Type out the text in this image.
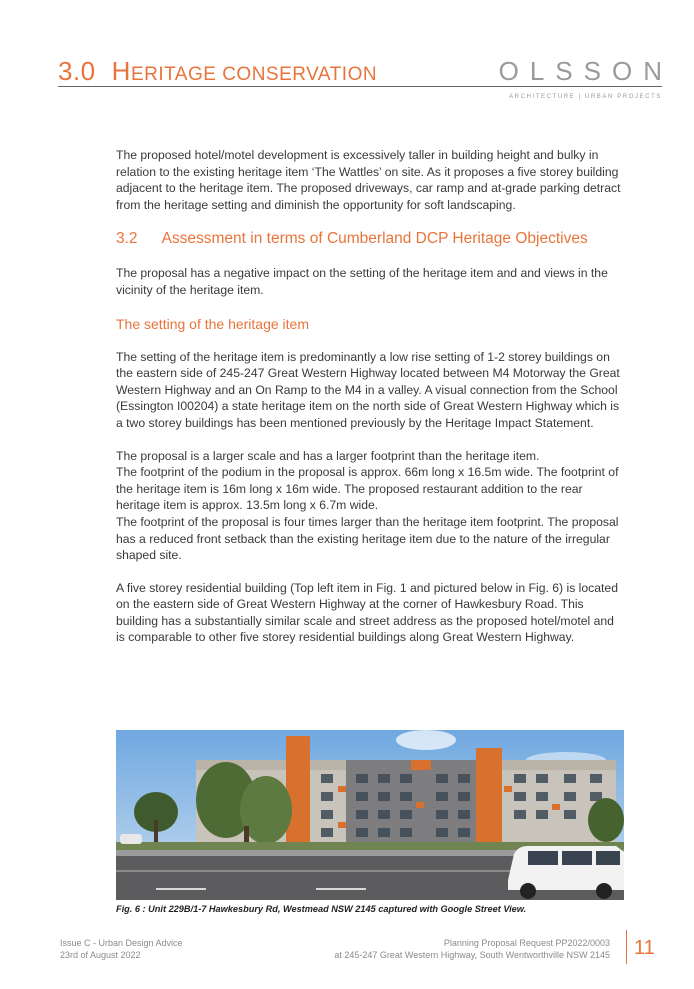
3.0 HERITAGE CONSERVATION	OLSSON
ARCHITECTURE | URBAN PROJECTS

The proposed hotel/motel development is excessively taller in building height and bulky in relation to the existing heritage item ‘The Wattles’ on site. As it proposes a five storey building adjacent to the heritage item. The proposed driveways, car ramp and at-grade parking detract from the heritage setting and diminish the opportunity for soft landscaping.

3.2 Assessment in terms of Cumberland DCP Heritage Objectives

The proposal has a negative impact on the setting of the heritage item and and views in the vicinity of the heritage item.

The setting of the heritage item

The setting of the heritage item is predominantly a low rise setting of 1-2 storey buildings on the eastern side of 245-247 Great Western Highway located between M4 Motorway the Great Western Highway and an On Ramp to the M4 in a valley. A visual connection from the School (Essington I00204) a state heritage item on the north side of Great Western Highway which is a two storey buildings has been mentioned previously by the Heritage Impact Statement.

The proposal is a larger scale and has a larger footprint than the heritage item.
The footprint of the podium in the proposal is approx. 66m long x 16.5m wide. The footprint of the heritage item is 16m long x 16m wide. The proposed restaurant addition to the rear heritage item is approx. 13.5m long x 6.7m wide.
The footprint of the proposal is four times larger than the heritage item footprint. The proposal has a reduced front setback than the existing heritage item due to the nature of the irregular shaped site.

A five storey residential building (Top left item in Fig. 1 and pictured below in Fig. 6) is located on the eastern side of Great Western Highway at the corner of Hawkesbury Road. This building has a substantially similar scale and street address as the proposed hotel/motel and is comparable to other five storey residential buildings along Great Western Highway.

Fig. 6 : Unit 229B/1-7 Hawkesbury Rd, Westmead NSW 2145 captured with Google Street View.
Issue C - Urban Design Advice
23rd of August 2022
Planning Proposal Request PP2022/0003
at 245-247 Great Western Highway, South Wentworthville NSW 2145 11
